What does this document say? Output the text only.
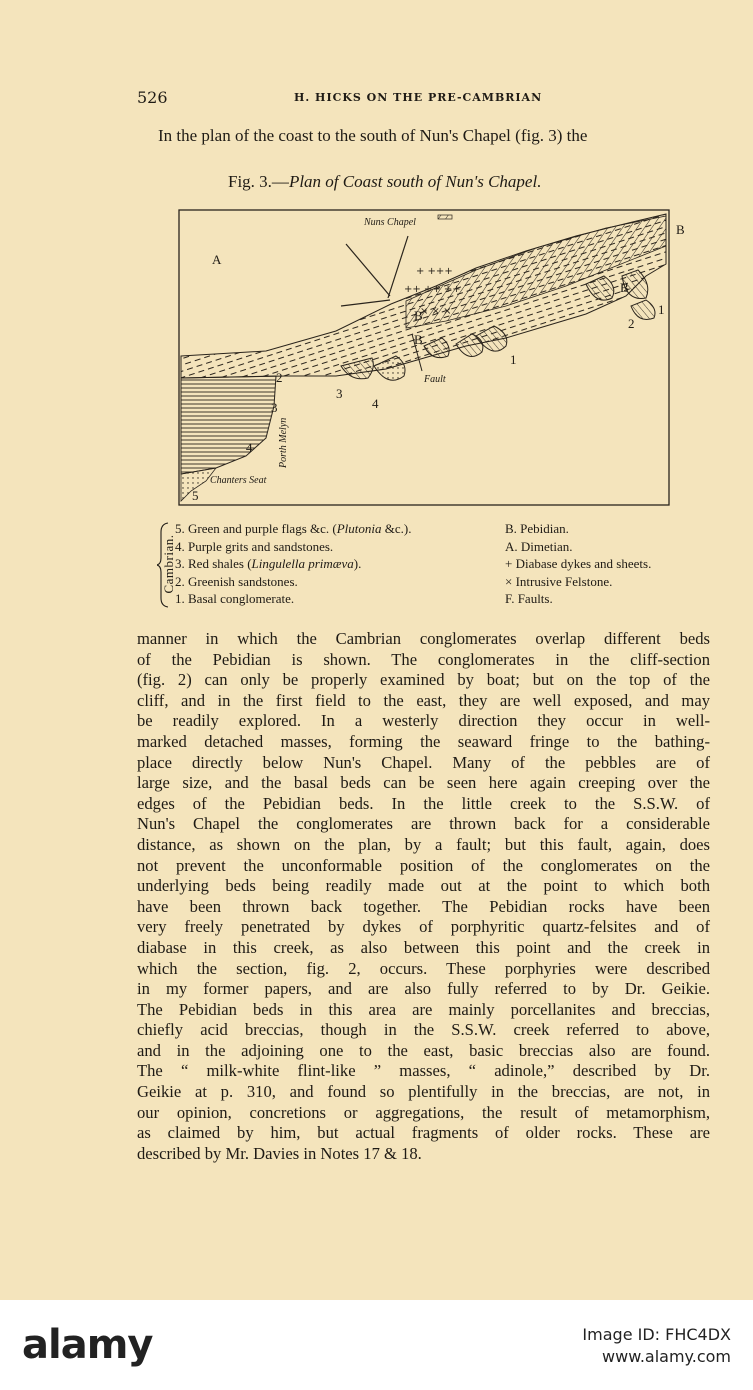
526	H. HICKS ON THE PRE-CAMBRIAN

In the plan of the coast to the south of Nun's Chapel (fig. 3) the

Fig. 3.—Plan of Coast south of Nun's Chapel.

+ +++
++ ++ ++
× × ×
Nuns Chapel
A
B
B
B
B
Fault
Porth Melyn
Chanters Seat
1
1
2
2
3
3
4
4
5
Cambrian.
5. Green and purple flags &c. (Plutonia &c.).
4. Purple grits and sandstones.
3. Red shales (Lingulella primæva).
2. Greenish sandstones.
1. Basal conglomerate.
B. Pebidian.
A. Dimetian.
+ Diabase dykes and sheets.
× Intrusive Felstone.
F. Faults.
manner in which the Cambrian conglomerates overlap different beds
of the Pebidian is shown. The conglomerates in the cliff-section
(fig. 2) can only be properly examined by boat; but on the top of the
cliff, and in the first field to the east, they are well exposed, and may
be readily explored. In a westerly direction they occur in well-
marked detached masses, forming the seaward fringe to the bathing-
place directly below Nun's Chapel. Many of the pebbles are of
large size, and the basal beds can be seen here again creeping over the
edges of the Pebidian beds. In the little creek to the S.S.W. of
Nun's Chapel the conglomerates are thrown back for a considerable
distance, as shown on the plan, by a fault; but this fault, again, does
not prevent the unconformable position of the conglomerates on the
underlying beds being readily made out at the point to which both
have been thrown back together. The Pebidian rocks have been
very freely penetrated by dykes of porphyritic quartz-felsites and of
diabase in this creek, as also between this point and the creek in
which the section, fig. 2, occurs. These porphyries were described
in my former papers, and are also fully referred to by Dr. Geikie.
The Pebidian beds in this area are mainly porcellanites and breccias,
chiefly acid breccias, though in the S.S.W. creek referred to above,
and in the adjoining one to the east, basic breccias also are found.
The “ milk-white flint-like ” masses, “ adinole,” described by Dr.
Geikie at p. 310, and found so plentifully in the breccias, are not, in
our opinion, concretions or aggregations, the result of metamorphism,
as claimed by him, but actual fragments of older rocks. These are
described by Mr. Davies in Notes 17 & 18.
alamy	Image ID: FHC4DX
www.alamy.com
